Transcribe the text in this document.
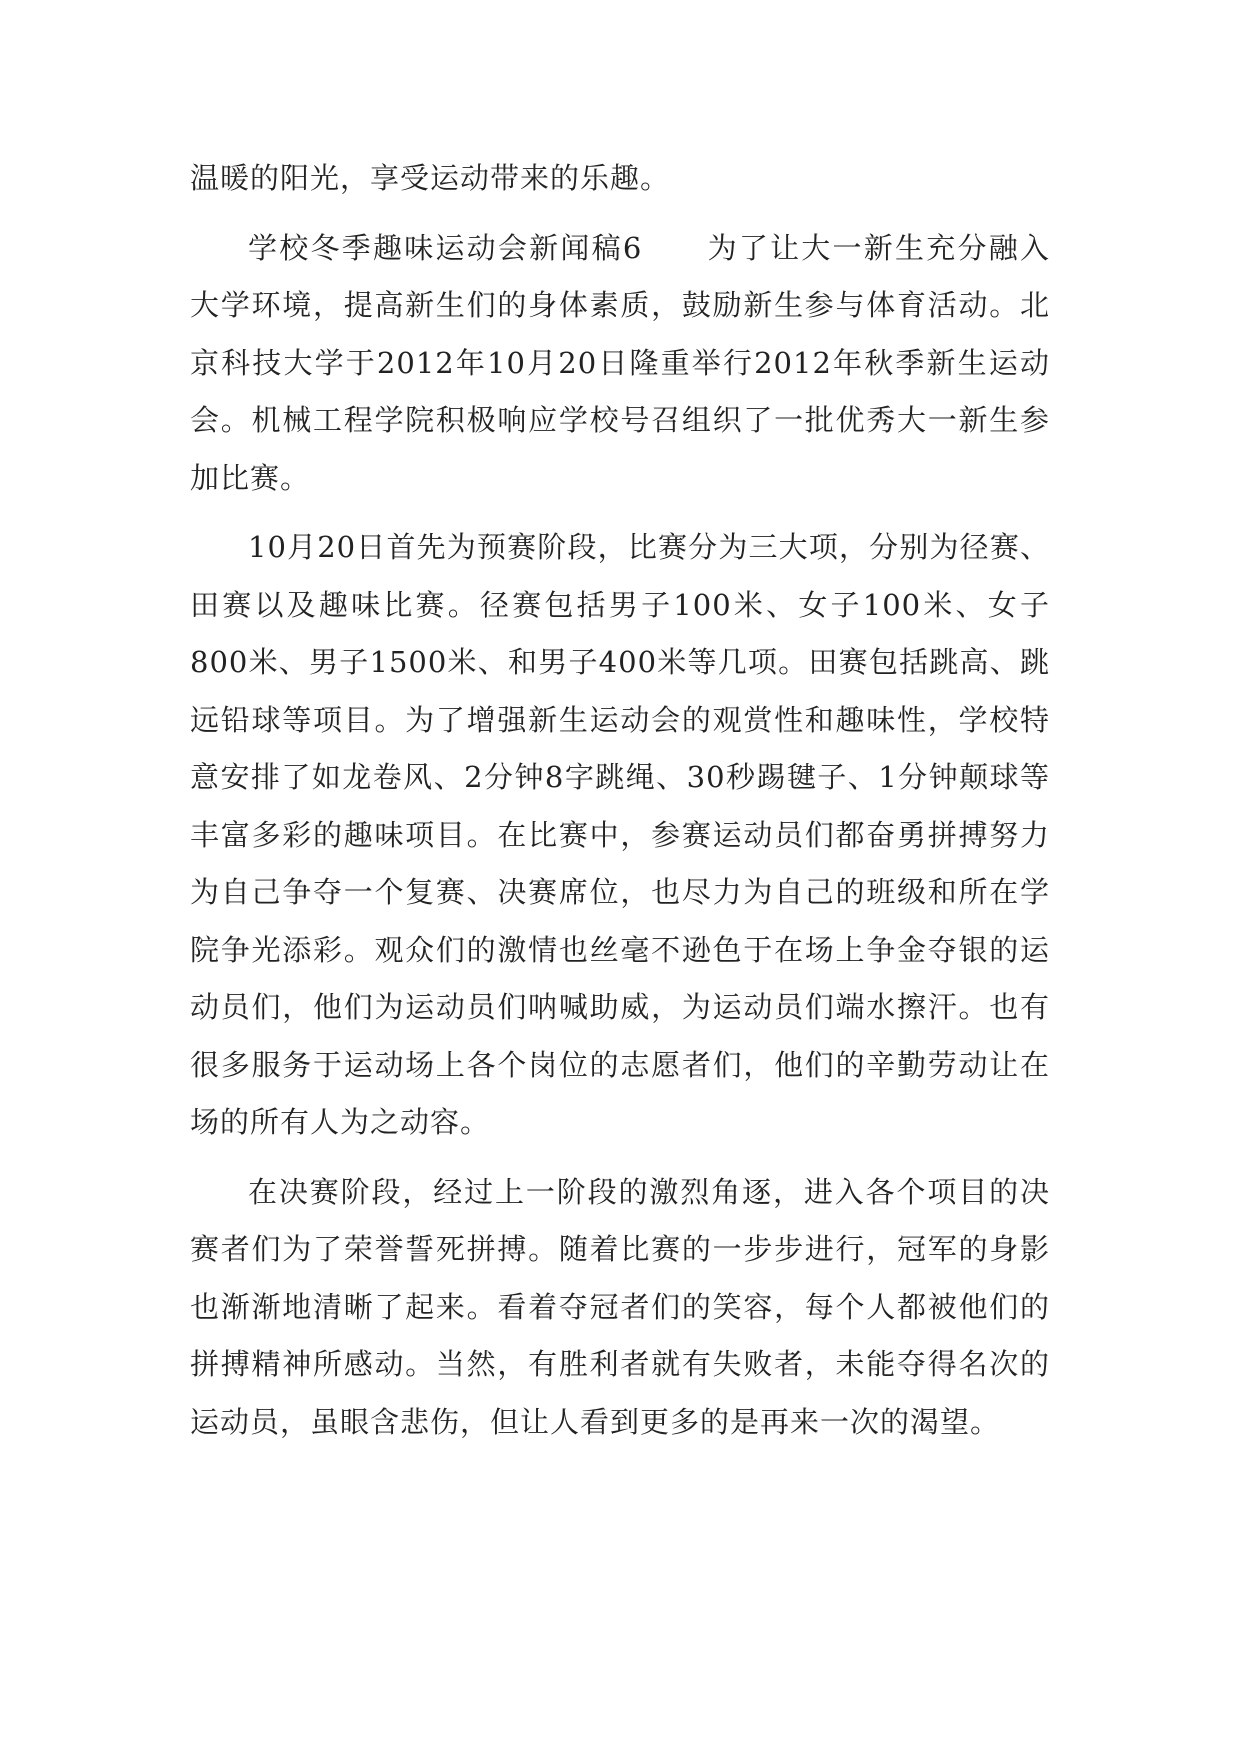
温暖的阳光，享受运动带来的乐趣。

学校冬季趣味运动会新闻稿6 为了让大一新生充分融入大学环境，提高新生们的身体素质，鼓励新生参与体育活动。北京科技大学于2012年10月20日隆重举行2012年秋季新生运动会。机械工程学院积极响应学校号召组织了一批优秀大一新生参加比赛。

10月20日首先为预赛阶段，比赛分为三大项，分别为径赛、田赛以及趣味比赛。径赛包括男子100米、女子100米、女子800米、男子1500米、和男子400米等几项。田赛包括跳高、跳远铅球等项目。为了增强新生运动会的观赏性和趣味性，学校特意安排了如龙卷风、2分钟8字跳绳、30秒踢毽子、1分钟颠球等丰富多彩的趣味项目。在比赛中，参赛运动员们都奋勇拼搏努力为自己争夺一个复赛、决赛席位，也尽力为自己的班级和所在学院争光添彩。观众们的激情也丝毫不逊色于在场上争金夺银的运动员们，他们为运动员们呐喊助威，为运动员们端水擦汗。也有很多服务于运动场上各个岗位的志愿者们，他们的辛勤劳动让在场的所有人为之动容。

在决赛阶段，经过上一阶段的激烈角逐，进入各个项目的决赛者们为了荣誉誓死拼搏。随着比赛的一步步进行，冠军的身影也渐渐地清晰了起来。看着夺冠者们的笑容，每个人都被他们的拼搏精神所感动。当然，有胜利者就有失败者，未能夺得名次的运动员，虽眼含悲伤，但让人看到更多的是再来一次的渴望。
